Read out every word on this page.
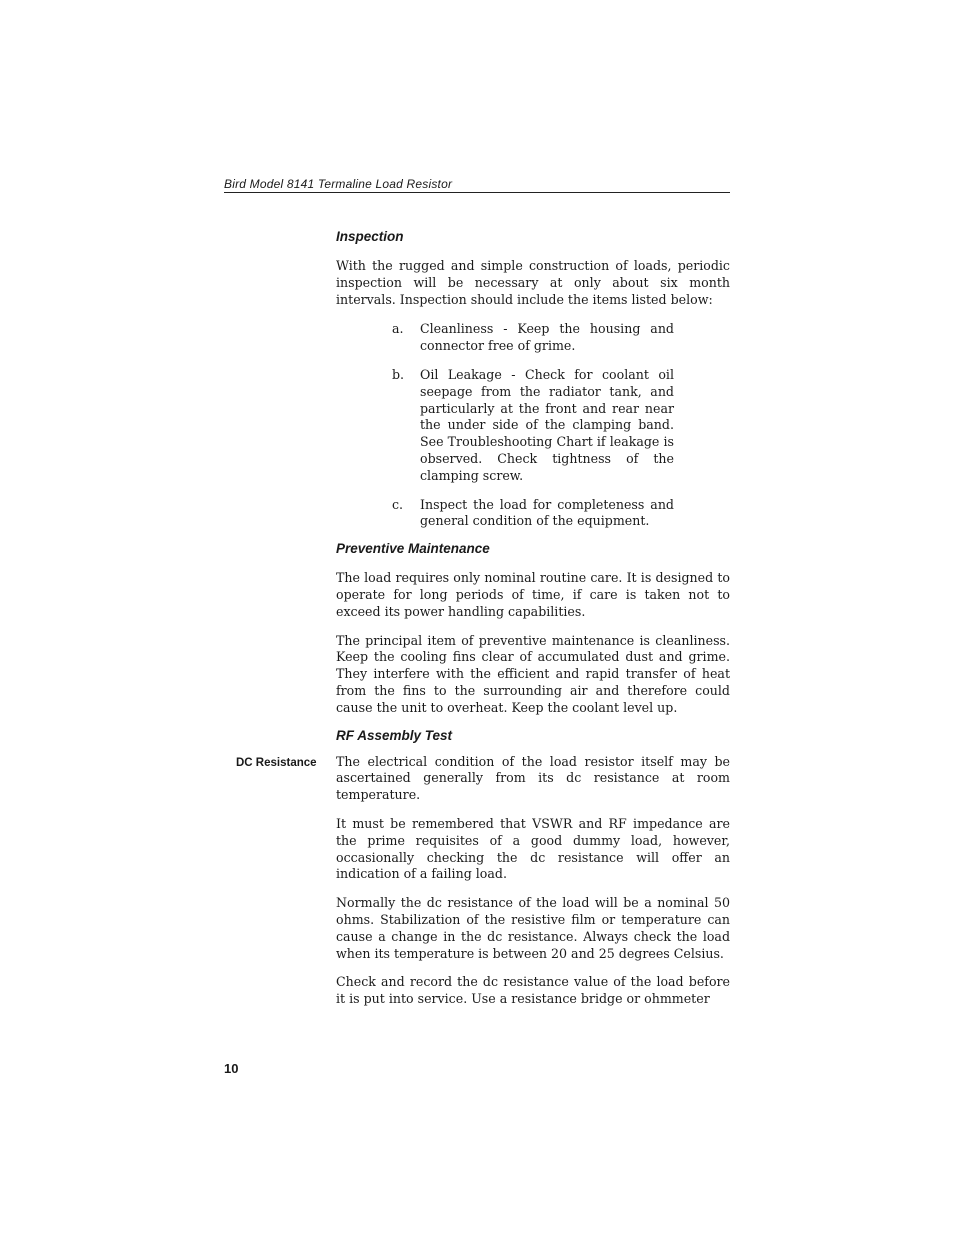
Bird Model 8141 Termaline Load Resistor
Inspection

With the rugged and simple construction of loads, periodic inspection will be necessary at only about six month intervals. Inspection should include the items listed below:

a.	Cleanliness - Keep the housing and connector free of grime.
b.	Oil Leakage - Check for coolant oil seepage from the radiator tank, and particularly at the front and rear near the under side of the clamping band. See Troubleshooting Chart if leakage is observed. Check tightness of the clamping screw.
c.	Inspect the load for completeness and general condition of the equipment.
Preventive Maintenance

The load requires only nominal routine care. It is designed to operate for long periods of time, if care is taken not to exceed its power handling capabilities.

The principal item of preventive maintenance is cleanliness. Keep the cooling fins clear of accumulated dust and grime. They interfere with the efficient and rapid transfer of heat from the fins to the surrounding air and therefore could cause the unit to overheat. Keep the coolant level up.

RF Assembly Test
DC Resistance	The electrical condition of the load resistor itself may be ascertained generally from its dc resistance at room temperature.

It must be remembered that VSWR and RF impedance are the prime requisites of a good dummy load, however, occasionally checking the dc resistance will offer an indication of a failing load.

Normally the dc resistance of the load will be a nominal 50 ohms. Stabilization of the resistive film or temperature can cause a change in the dc resistance. Always check the load when its temperature is between 20 and 25 degrees Celsius.

Check and record the dc resistance value of the load before it is put into service. Use a resistance bridge or ohmmeter

10
